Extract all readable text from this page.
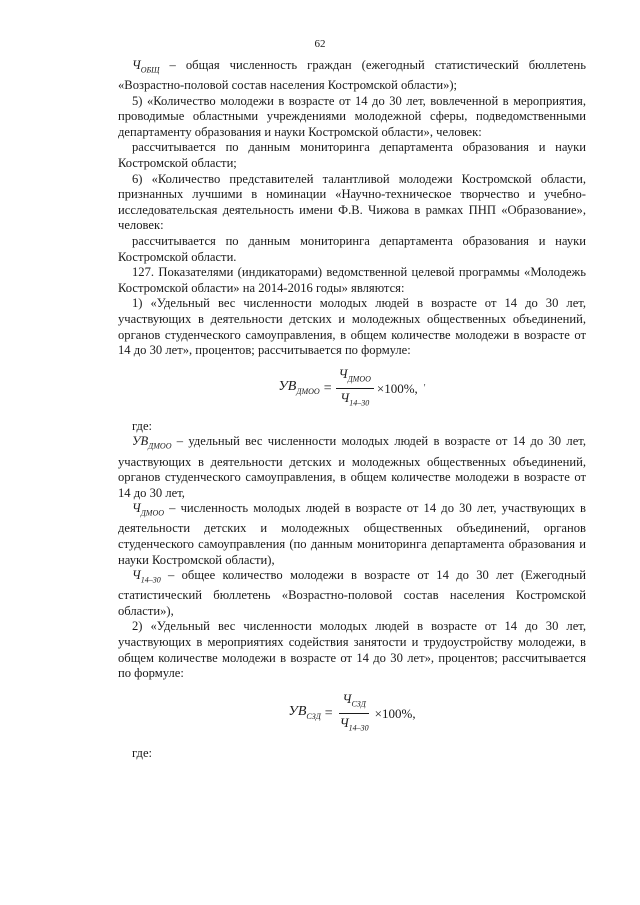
62

$Ч_{ОБЩ}$ – общая численность граждан (ежегодный статистический бюллетень «Возрастно-половой состав населения Костромской области»);

5) «Количество молодежи в возрасте от 14 до 30 лет, вовлеченной в мероприятия, проводимые областными учреждениями молодежной сферы, подведомственными департаменту образования и науки Костромской области», человек:

рассчитывается по данным мониторинга департамента образования и науки Костромской области;

6) «Количество представителей талантливой молодежи Костромской области, признанных лучшими в номинации «Научно-техническое творчество и учебно-исследовательская деятельность имени Ф.В. Чижова в рамках ПНП «Образование», человек:

рассчитывается по данным мониторинга департамента образования и науки Костромской области.

127. Показателями (индикаторами) ведомственной целевой программы «Молодежь Костромской области» на 2014-2016 годы» являются:

1) «Удельный вес численности молодых людей в возрасте от 14 до 30 лет, участвующих в деятельности детских и молодежных общественных объединений, органов студенческого самоуправления, в общем количестве молодежи в возрасте от 14 до 30 лет», процентов; рассчитывается по формуле:

$УВ_{ДМОО} = \frac{Ч_{ДМОО}}{Ч_{14-30}} \times 100\%$, '

где:

$УВ_{ДМОО}$ – удельный вес численности молодых людей в возрасте от 14 до 30 лет, участвующих в деятельности детских и молодежных общественных объединений, органов студенческого самоуправления, в общем количестве молодежи в возрасте от 14 до 30 лет,

$Ч_{ДМОО}$ – численность молодых людей в возрасте от 14 до 30 лет, участвующих в деятельности детских и молодежных общественных объединений, органов студенческого самоуправления (по данным мониторинга департамента образования и науки Костромской области),

$Ч_{14-30}$ – общее количество молодежи в возрасте от 14 до 30 лет (Ежегодный статистический бюллетень «Возрастно-половой состав населения Костромской области»),

2) «Удельный вес численности молодых людей в возрасте от 14 до 30 лет, участвующих в мероприятиях содействия занятости и трудоустройству молодежи, в общем количестве молодежи в возрасте от 14 до 30 лет», процентов; рассчитывается по формуле:

$УВ_{СЗД} = \frac{Ч_{СЗД}}{Ч_{14-30}} \times 100\%$,

где:
